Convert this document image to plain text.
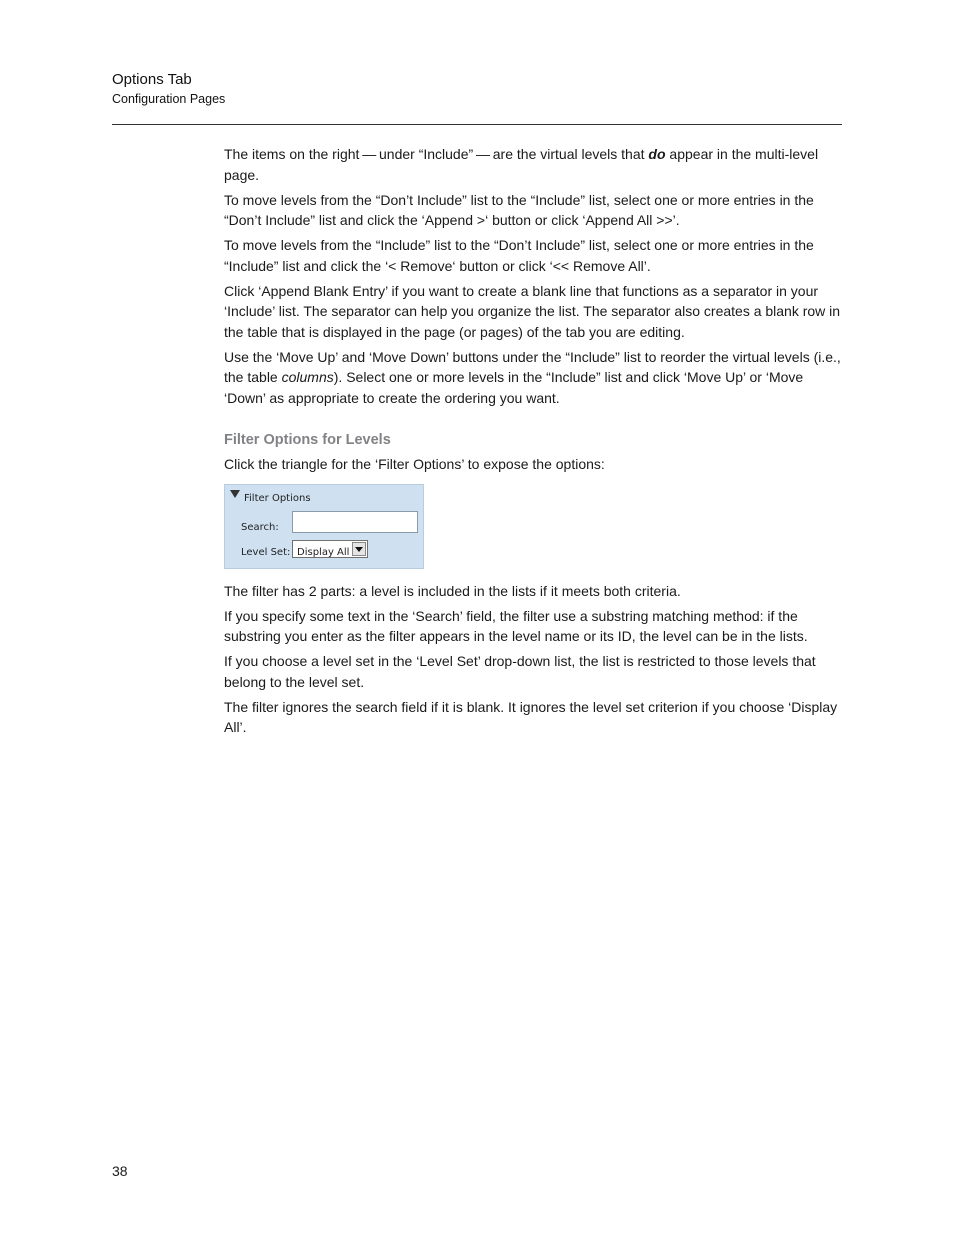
Options Tab
Configuration Pages

The items on the right — under “Include” — are the virtual levels that do appear in the multi-level page.

To move levels from the “Don’t Include” list to the “Include” list, select one or more entries in the “Don’t Include” list and click the ‘Append >‘ button or click ‘Append All >>’.

To move levels from the “Include” list to the “Don’t Include” list, select one or more entries in the “Include” list and click the ‘< Remove‘ button or click ‘<< Remove All’.

Click ‘Append Blank Entry’ if you want to create a blank line that functions as a separator in your ‘Include’ list. The separator can help you organize the list. The separator also creates a blank row in the table that is displayed in the page (or pages) of the tab you are editing.

Use the ‘Move Up’ and ‘Move Down’ buttons under the “Include” list to reorder the virtual levels (i.e., the table columns). Select one or more levels in the “Include” list and click ‘Move Up’ or ‘Move ‘Down’ as appropriate to create the ordering you want.

Filter Options for Levels

Click the triangle for the ‘Filter Options’ to expose the options:

Filter Options
Search:
Level Set: Display All

The filter has 2 parts: a level is included in the lists if it meets both criteria.

If you specify some text in the ‘Search’ field, the filter use a substring matching method: if the substring you enter as the filter appears in the level name or its ID, the level can be in the lists.

If you choose a level set in the ‘Level Set’ drop-down list, the list is restricted to those levels that belong to the level set.

The filter ignores the search field if it is blank. It ignores the level set criterion if you choose ‘Display All’.

38
